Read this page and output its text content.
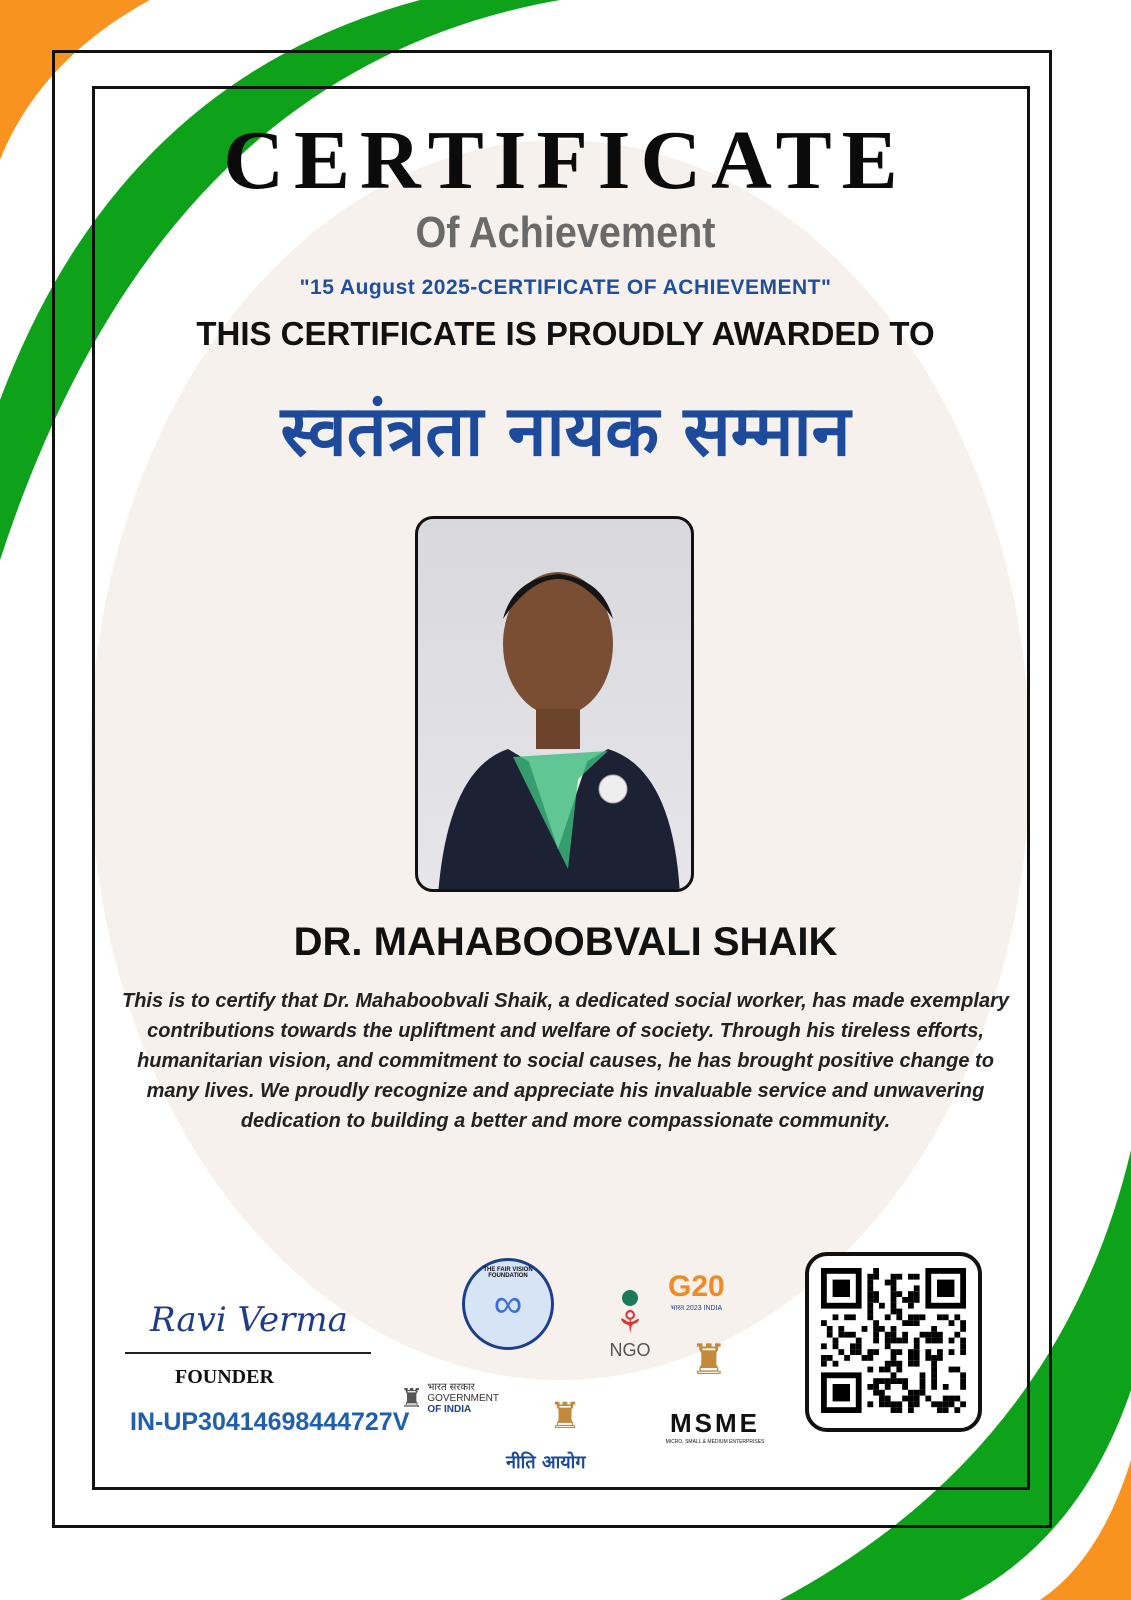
CERTIFICATE
Of Achievement
"15 August 2025-CERTIFICATE OF ACHIEVEMENT"
THIS CERTIFICATE IS PROUDLY AWARDED TO
स्वतंत्रता नायक सम्मान
DR. MAHABOOBVALI SHAIK
This is to certify that Dr. Mahaboobvali Shaik, a dedicated social worker, has made exemplary contributions towards the upliftment and welfare of society. Through his tireless efforts, humanitarian vision, and commitment to social causes, he has brought positive change to many lives. We proudly recognize and appreciate his invaluable service and unwavering dedication to building a better and more compassionate community.
Ravi Verma
FOUNDER
IN-UP30414698444727V
THE FAIR VISION FOUNDATION
∞
♜ भारत सरकार
GOVERNMENT
OF INDIA	♜
नीति आयोग
⚘
NGO
G20
भारत 2023 INDIA
♜
MSME
MICRO, SMALL & MEDIUM ENTERPRISES
